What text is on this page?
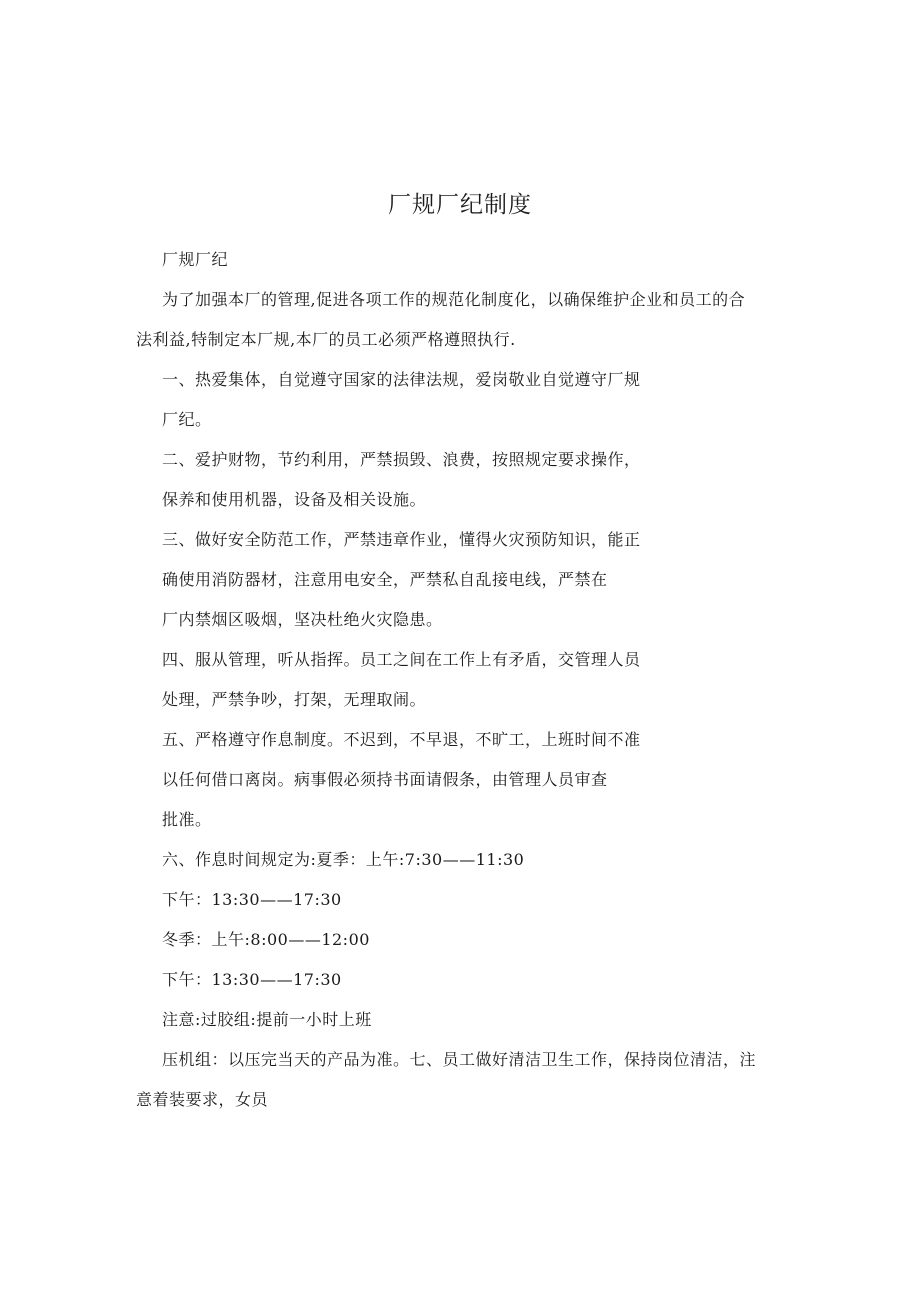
厂规厂纪制度
厂规厂纪
为了加强本厂的管理,促进各项工作的规范化制度化，以确保维护企业和员工的合
法利益,特制定本厂规,本厂的员工必须严格遵照执行.
一、热爱集体，自觉遵守国家的法律法规，爱岗敬业自觉遵守厂规
厂纪。
二、爱护财物，节约利用，严禁损毁、浪费，按照规定要求操作，
保养和使用机器，设备及相关设施。
三、做好安全防范工作，严禁违章作业，懂得火灾预防知识，能正
确使用消防器材，注意用电安全，严禁私自乱接电线，严禁在
厂内禁烟区吸烟，坚决杜绝火灾隐患。
四、服从管理，听从指挥。员工之间在工作上有矛盾，交管理人员
处理，严禁争吵，打架，无理取闹。
五、严格遵守作息制度。不迟到，不早退，不旷工，上班时间不准
以任何借口离岗。病事假必须持书面请假条，由管理人员审查
批准。
六、作息时间规定为:夏季：上午:7:30——11:30
下午：13:30——17:30
冬季：上午:8:00——12:00
下午：13:30——17:30
注意:过胶组:提前一小时上班
压机组：以压完当天的产品为准。七、员工做好清洁卫生工作，保持岗位清洁，注
意着装要求，女员
